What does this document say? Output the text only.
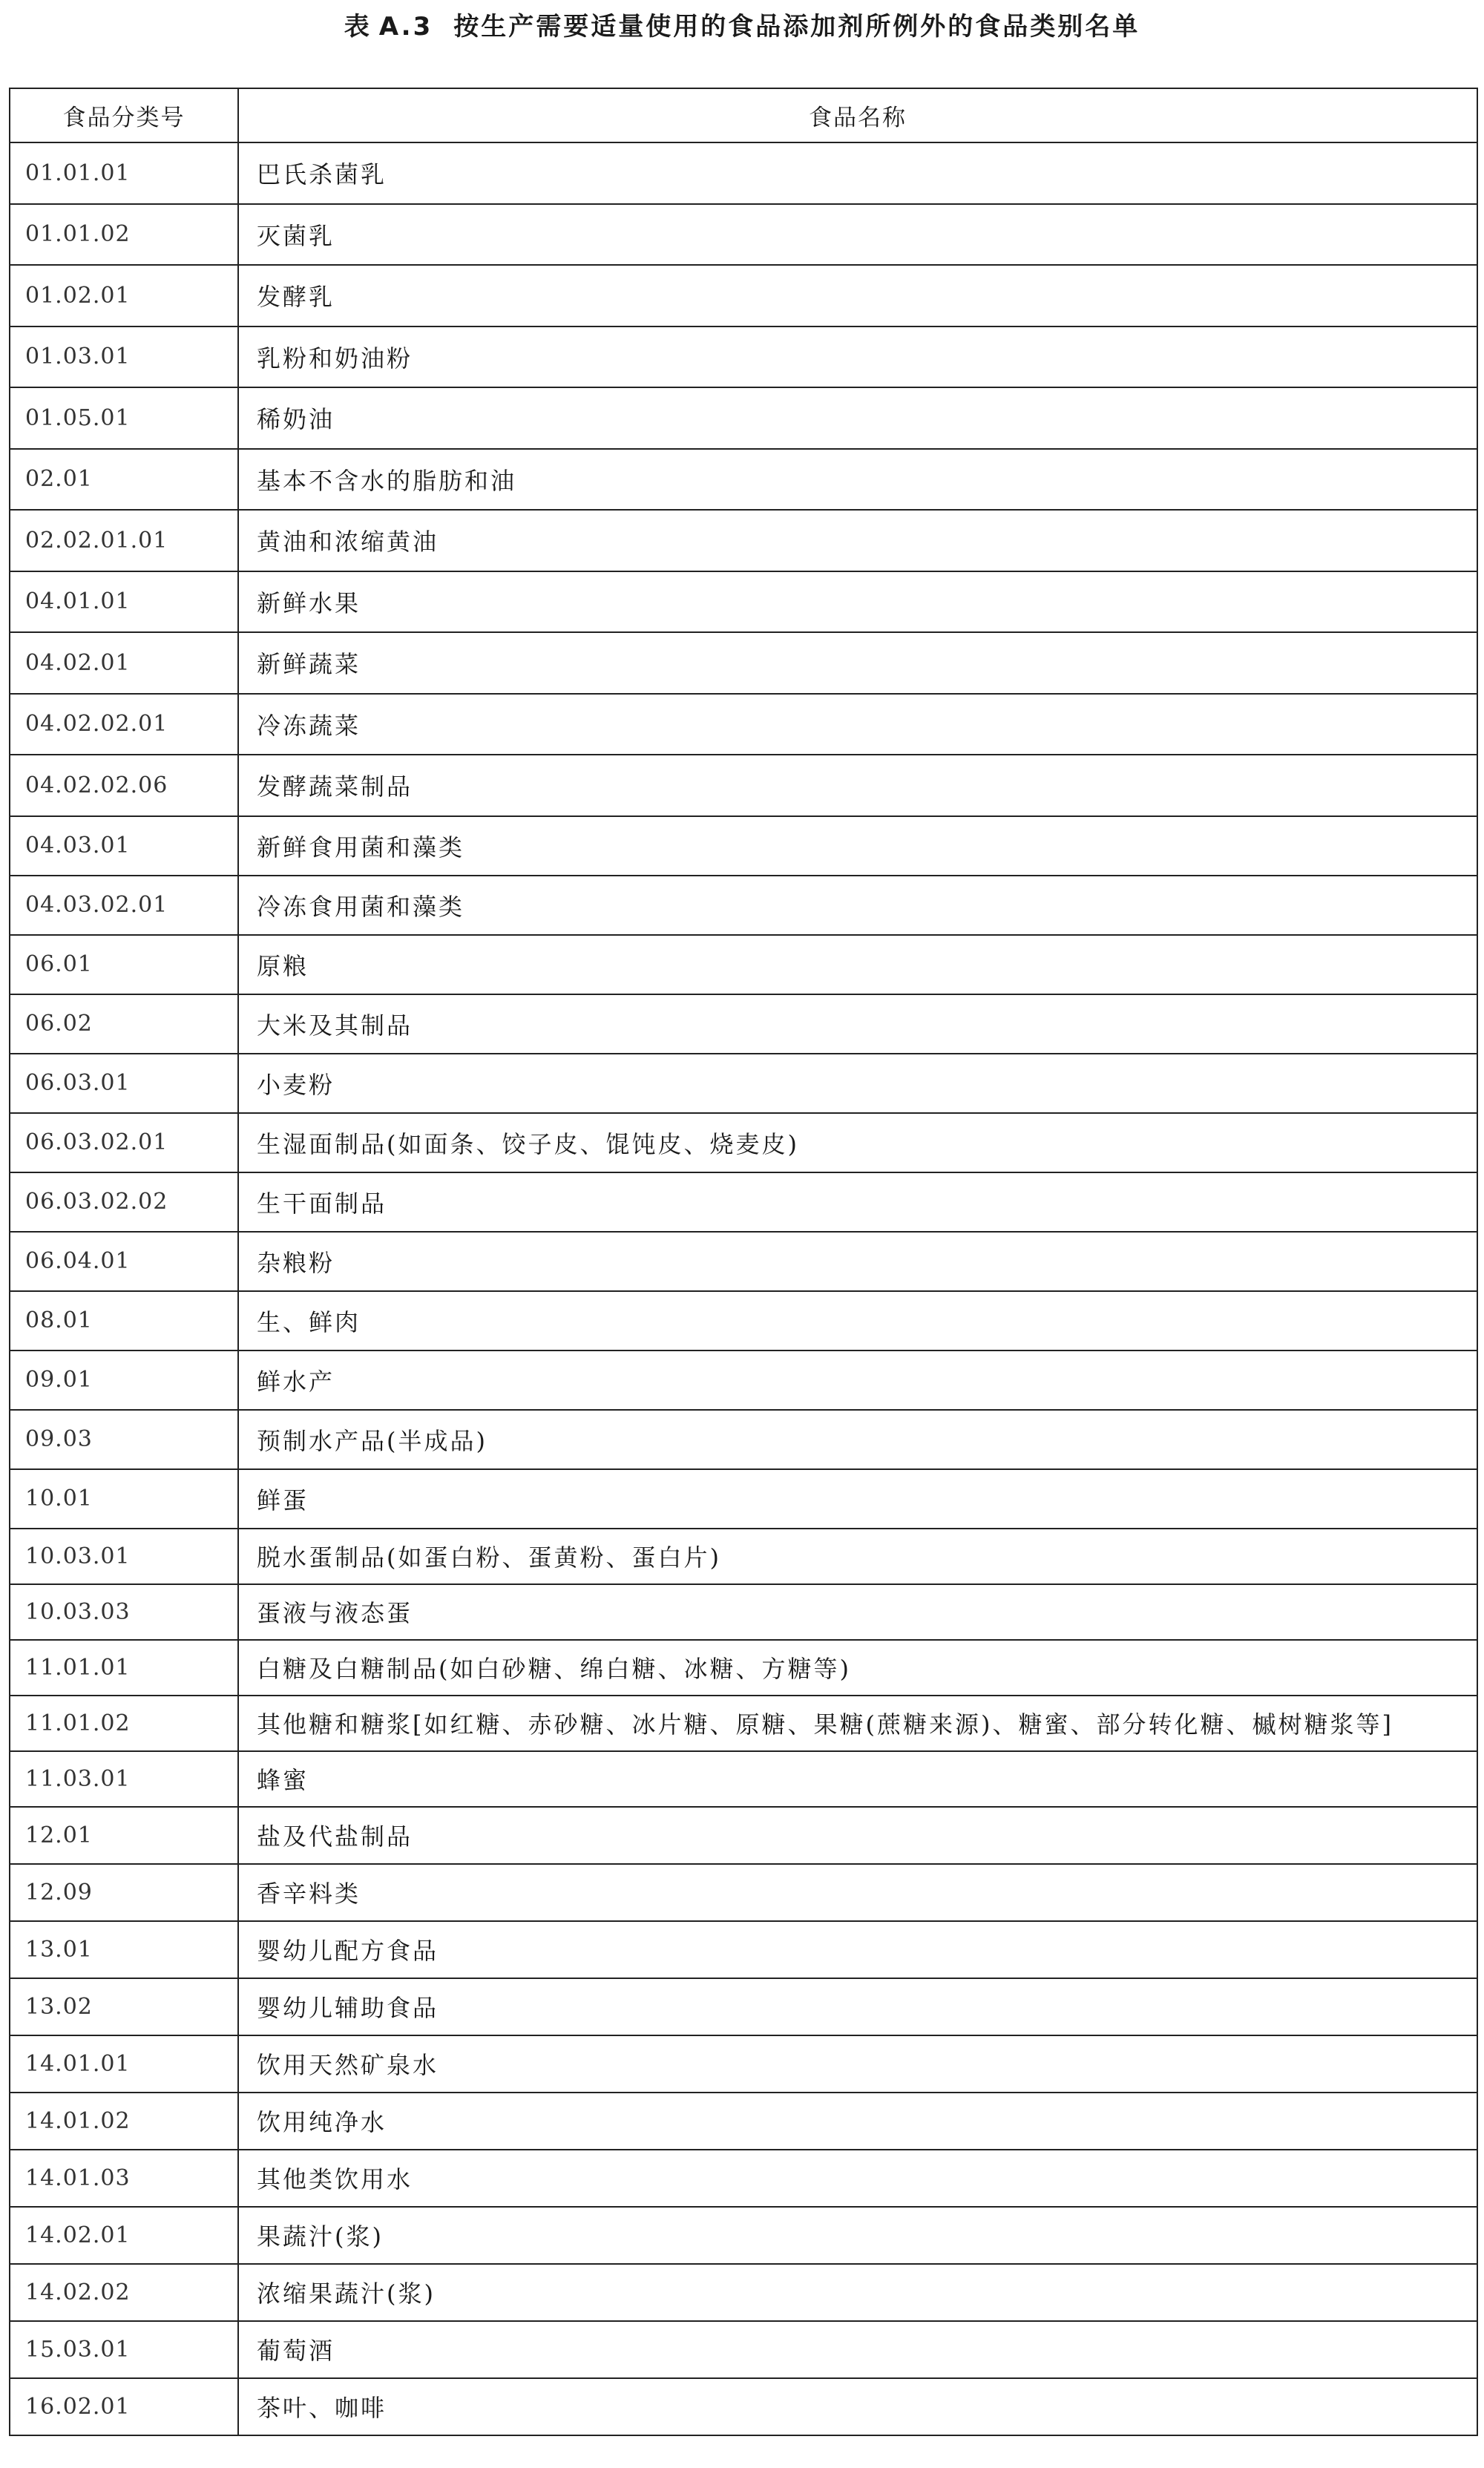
表 A.3 按生产需要适量使用的食品添加剂所例外的食品类别名单
食品分类号	食品名称
01.01.01	巴氏杀菌乳
01.01.02	灭菌乳
01.02.01	发酵乳
01.03.01	乳粉和奶油粉
01.05.01	稀奶油
02.01	基本不含水的脂肪和油
02.02.01.01	黄油和浓缩黄油
04.01.01	新鲜水果
04.02.01	新鲜蔬菜
04.02.02.01	冷冻蔬菜
04.02.02.06	发酵蔬菜制品
04.03.01	新鲜食用菌和藻类
04.03.02.01	冷冻食用菌和藻类
06.01	原粮
06.02	大米及其制品
06.03.01	小麦粉
06.03.02.01	生湿面制品(如面条、饺子皮、馄饨皮、烧麦皮)
06.03.02.02	生干面制品
06.04.01	杂粮粉
08.01	生、鲜肉
09.01	鲜水产
09.03	预制水产品(半成品)
10.01	鲜蛋
10.03.01	脱水蛋制品(如蛋白粉、蛋黄粉、蛋白片)
10.03.03	蛋液与液态蛋
11.01.01	白糖及白糖制品(如白砂糖、绵白糖、冰糖、方糖等)
11.01.02	其他糖和糖浆[如红糖、赤砂糖、冰片糖、原糖、果糖(蔗糖来源)、糖蜜、部分转化糖、槭树糖浆等]
11.03.01	蜂蜜
12.01	盐及代盐制品
12.09	香辛料类
13.01	婴幼儿配方食品
13.02	婴幼儿辅助食品
14.01.01	饮用天然矿泉水
14.01.02	饮用纯净水
14.01.03	其他类饮用水
14.02.01	果蔬汁(浆)
14.02.02	浓缩果蔬汁(浆)
15.03.01	葡萄酒
16.02.01	茶叶、咖啡
